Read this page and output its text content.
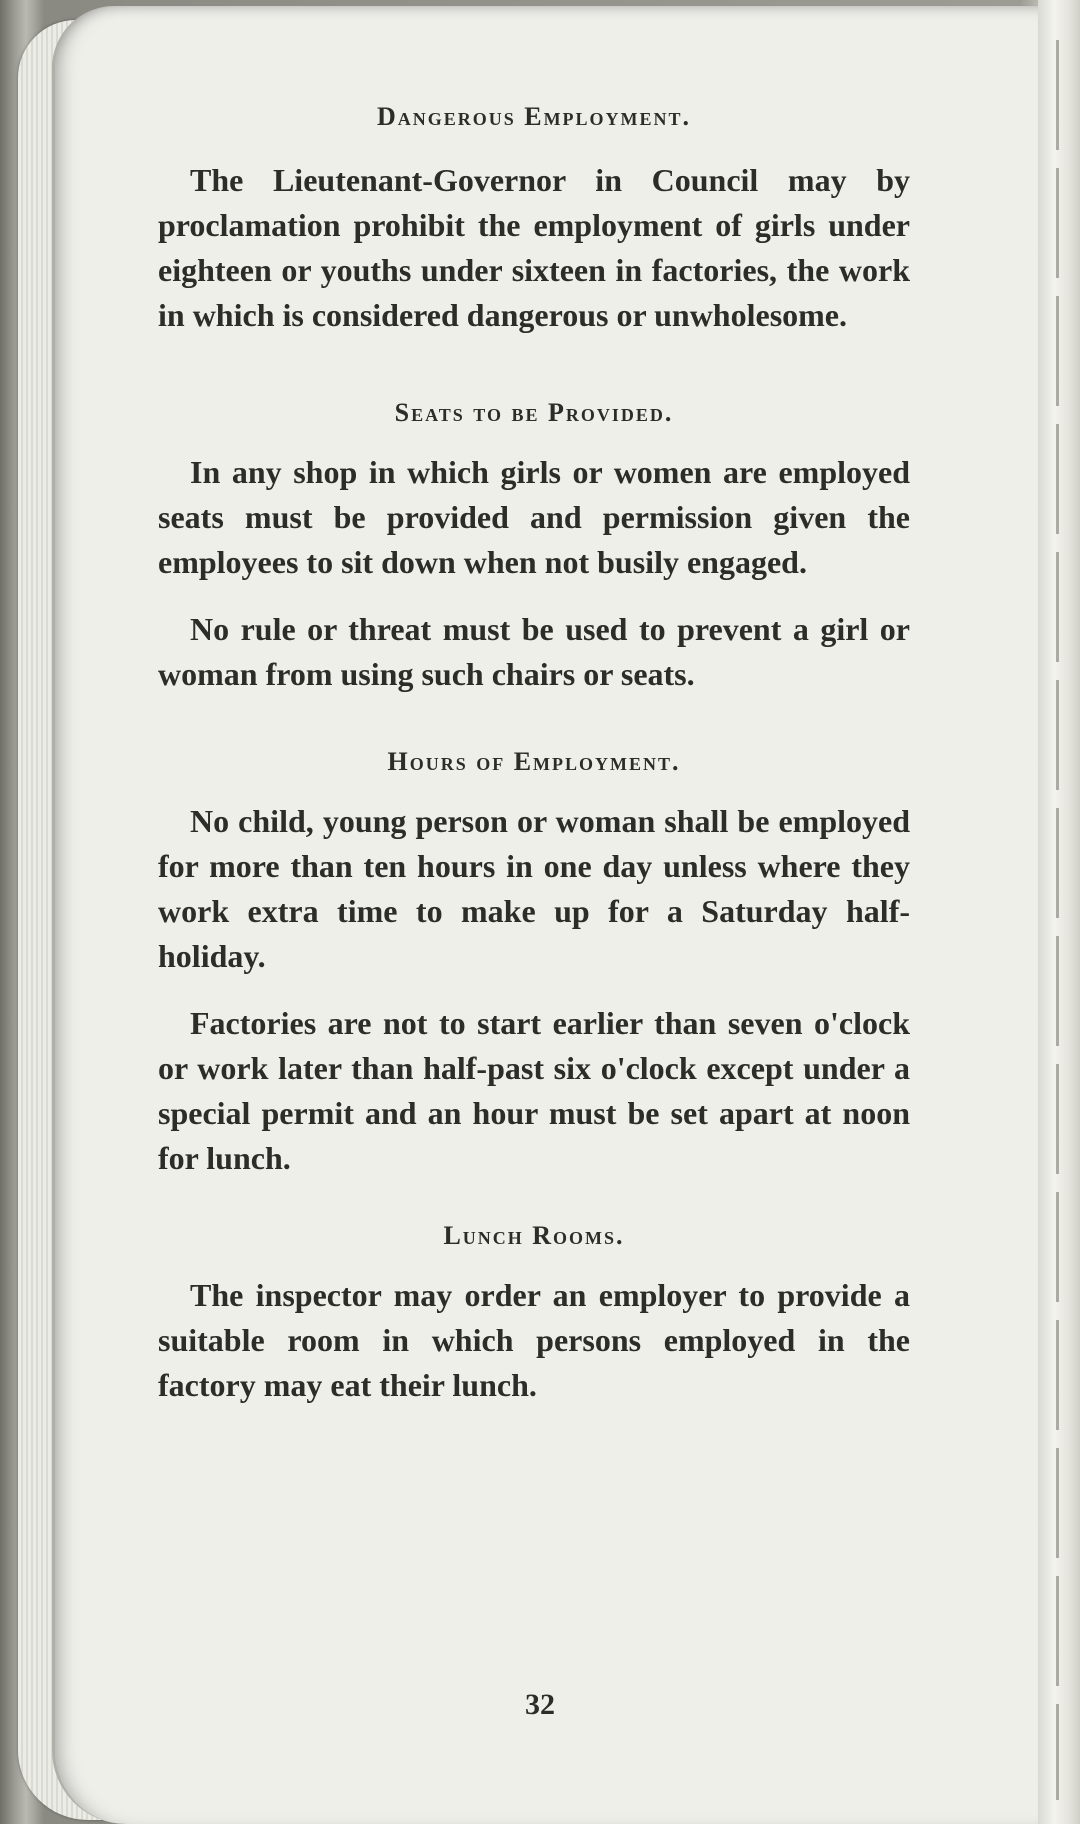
Dangerous Employment.

The Lieutenant-Governor in Council may by proclamation prohibit the employment of girls under eighteen or youths under sixteen in factories, the work in which is considered dangerous or unwholesome.

Seats to be Provided.

In any shop in which girls or women are employed seats must be provided and permission given the employees to sit down when not busily engaged.

No rule or threat must be used to prevent a girl or woman from using such chairs or seats.

Hours of Employment.

No child, young person or woman shall be employed for more than ten hours in one day unless where they work extra time to make up for a Saturday half-holiday.

Factories are not to start earlier than seven o'clock or work later than half-past six o'clock except under a special permit and an hour must be set apart at noon for lunch.

Lunch Rooms.

The inspector may order an employer to provide a suitable room in which persons employed in the factory may eat their lunch.

32
